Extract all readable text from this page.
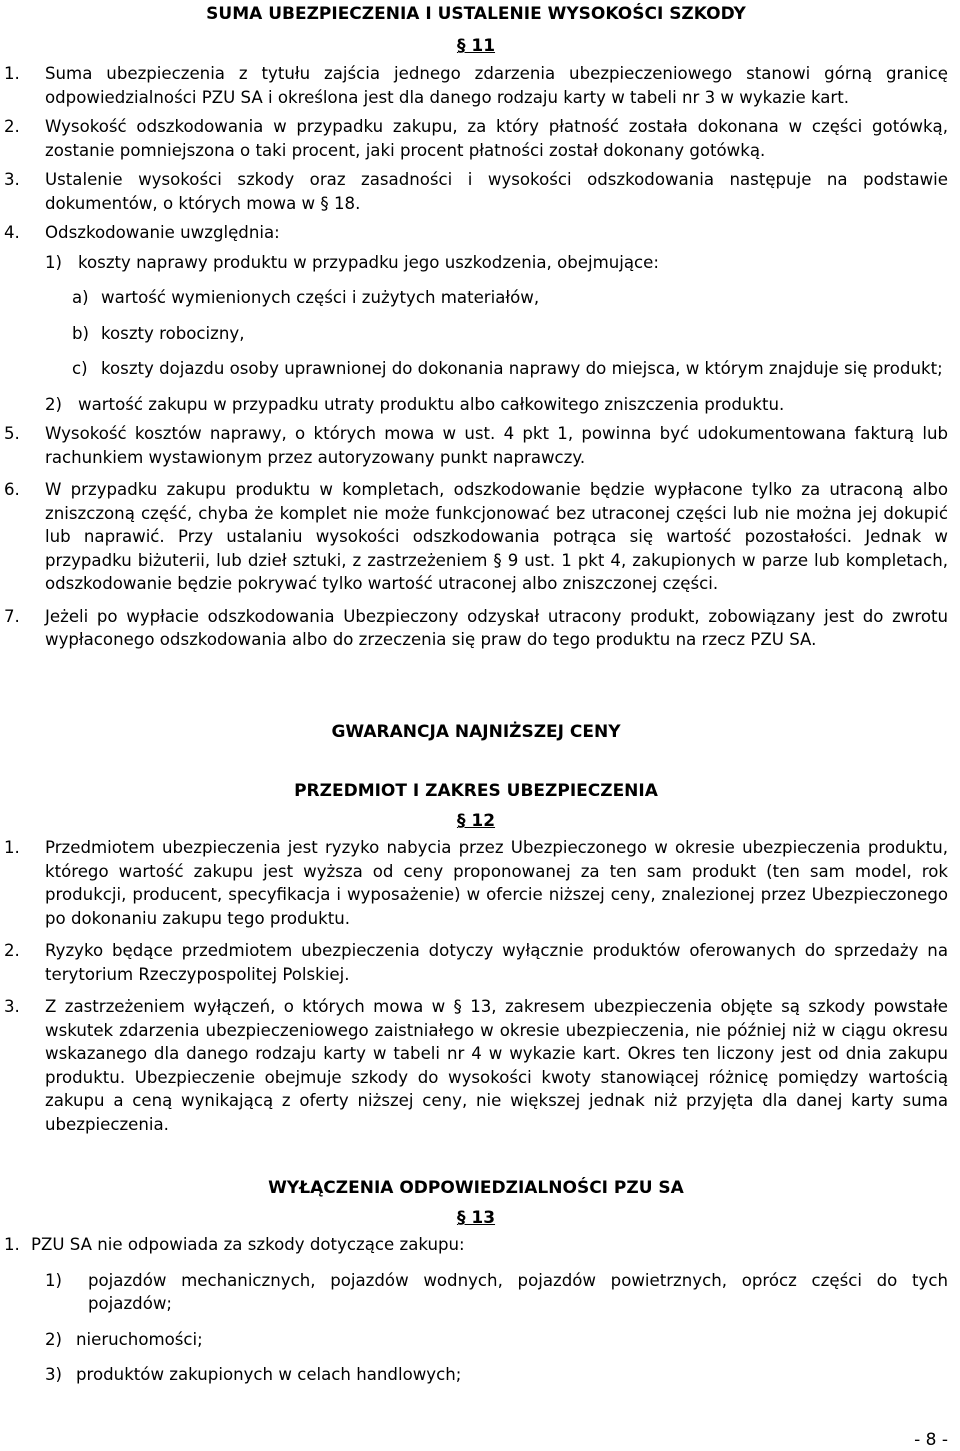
SUMA UBEZPIECZENIA I USTALENIE WYSOKOŚCI SZKODY
§ 11
1. Suma ubezpieczenia z tytułu zajścia jednego zdarzenia ubezpieczeniowego stanowi górną granicę odpowiedzialności PZU SA i określona jest dla danego rodzaju karty w tabeli nr 3 w wykazie kart.
2. Wysokość odszkodowania w przypadku zakupu, za który płatność została dokonana w części gotówką, zostanie pomniejszona o taki procent, jaki procent płatności został dokonany gotówką.
3. Ustalenie wysokości szkody oraz zasadności i wysokości odszkodowania następuje na podstawie dokumentów, o których mowa w § 18.
4. Odszkodowanie uwzględnia:
1) koszty naprawy produktu w przypadku jego uszkodzenia, obejmujące:
a) wartość wymienionych części i zużytych materiałów,
b) koszty robocizny,
c) koszty dojazdu osoby uprawnionej do dokonania naprawy do miejsca, w którym znajduje się produkt;
2) wartość zakupu w przypadku utraty produktu albo całkowitego zniszczenia produktu.
5. Wysokość kosztów naprawy, o których mowa w ust. 4 pkt 1, powinna być udokumentowana fakturą lub rachunkiem wystawionym przez autoryzowany punkt naprawczy.
6. W przypadku zakupu produktu w kompletach, odszkodowanie będzie wypłacone tylko za utraconą albo zniszczoną część, chyba że komplet nie może funkcjonować bez utraconej części lub nie można jej dokupić lub naprawić. Przy ustalaniu wysokości odszkodowania potrąca się wartość pozostałości. Jednak w przypadku biżuterii, lub dzieł sztuki, z zastrzeżeniem § 9 ust. 1 pkt 4, zakupionych w parze lub kompletach, odszkodowanie będzie pokrywać tylko wartość utraconej albo zniszczonej części.
7. Jeżeli po wypłacie odszkodowania Ubezpieczony odzyskał utracony produkt, zobowiązany jest do zwrotu wypłaconego odszkodowania albo do zrzeczenia się praw do tego produktu na rzecz PZU SA.
GWARANCJA NAJNIŻSZEJ CENY
PRZEDMIOT I ZAKRES UBEZPIECZENIA
§ 12
1. Przedmiotem ubezpieczenia jest ryzyko nabycia przez Ubezpieczonego w okresie ubezpieczenia produktu, którego wartość zakupu jest wyższa od ceny proponowanej za ten sam produkt (ten sam model, rok produkcji, producent, specyfikacja i wyposażenie) w ofercie niższej ceny, znalezionej przez Ubezpieczonego po dokonaniu zakupu tego produktu.
2. Ryzyko będące przedmiotem ubezpieczenia dotyczy wyłącznie produktów oferowanych do sprzedaży na terytorium Rzeczypospolitej Polskiej.
3. Z zastrzeżeniem wyłączeń, o których mowa w § 13, zakresem ubezpieczenia objęte są szkody powstałe wskutek zdarzenia ubezpieczeniowego zaistniałego w okresie ubezpieczenia, nie później niż w ciągu okresu wskazanego dla danego rodzaju karty w tabeli nr 4 w wykazie kart. Okres ten liczony jest od dnia zakupu produktu. Ubezpieczenie obejmuje szkody do wysokości kwoty stanowiącej różnicę pomiędzy wartością zakupu a ceną wynikającą z oferty niższej ceny, nie większej jednak niż przyjęta dla danej karty suma ubezpieczenia.
WYŁĄCZENIA ODPOWIEDZIALNOŚCI PZU SA
§ 13
1. PZU SA nie odpowiada za szkody dotyczące zakupu:
1) pojazdów mechanicznych, pojazdów wodnych, pojazdów powietrznych, oprócz części do tych pojazdów;
2) nieruchomości;
3) produktów zakupionych w celach handlowych;
- 8 -
